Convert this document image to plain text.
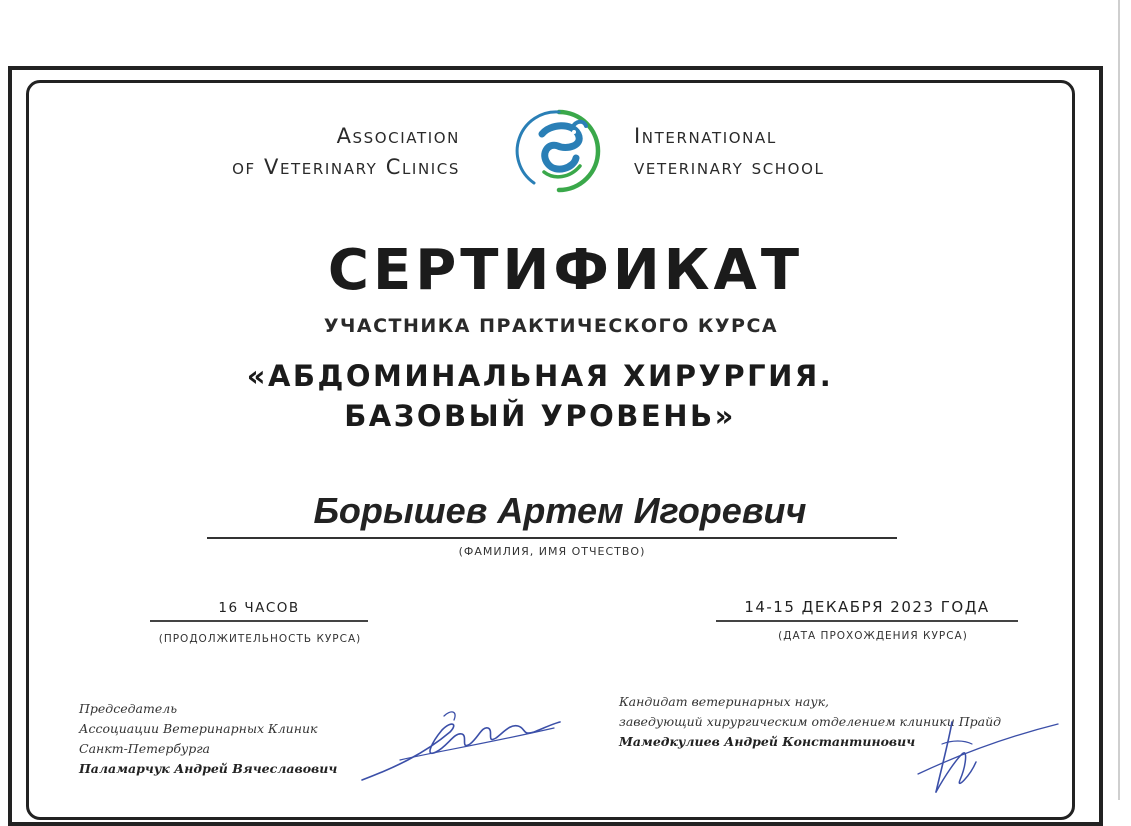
Association
of Veterinary Clinics
International
veterinary school
СЕРТИФИКАТ
УЧАСТНИКА ПРАКТИЧЕСКОГО КУРСА
«АБДОМИНАЛЬНАЯ ХИРУРГИЯ.
БАЗОВЫЙ УРОВЕНЬ»
Борышев Артем Игоревич
(ФАМИЛИЯ, ИМЯ ОТЧЕСТВО)
16 ЧАСОВ
(ПРОДОЛЖИТЕЛЬНОСТЬ КУРСА)
14-15 ДЕКАБРЯ 2023 ГОДА
(ДАТА ПРОХОЖДЕНИЯ КУРСА)
Председатель
Ассоциации Ветеринарных Клиник
Санкт-Петербурга
Паламарчук Андрей Вячеславович
Кандидат ветеринарных наук,
заведующий хирургическим отделением клиники Прайд
Мамедкулиев Андрей Константинович
